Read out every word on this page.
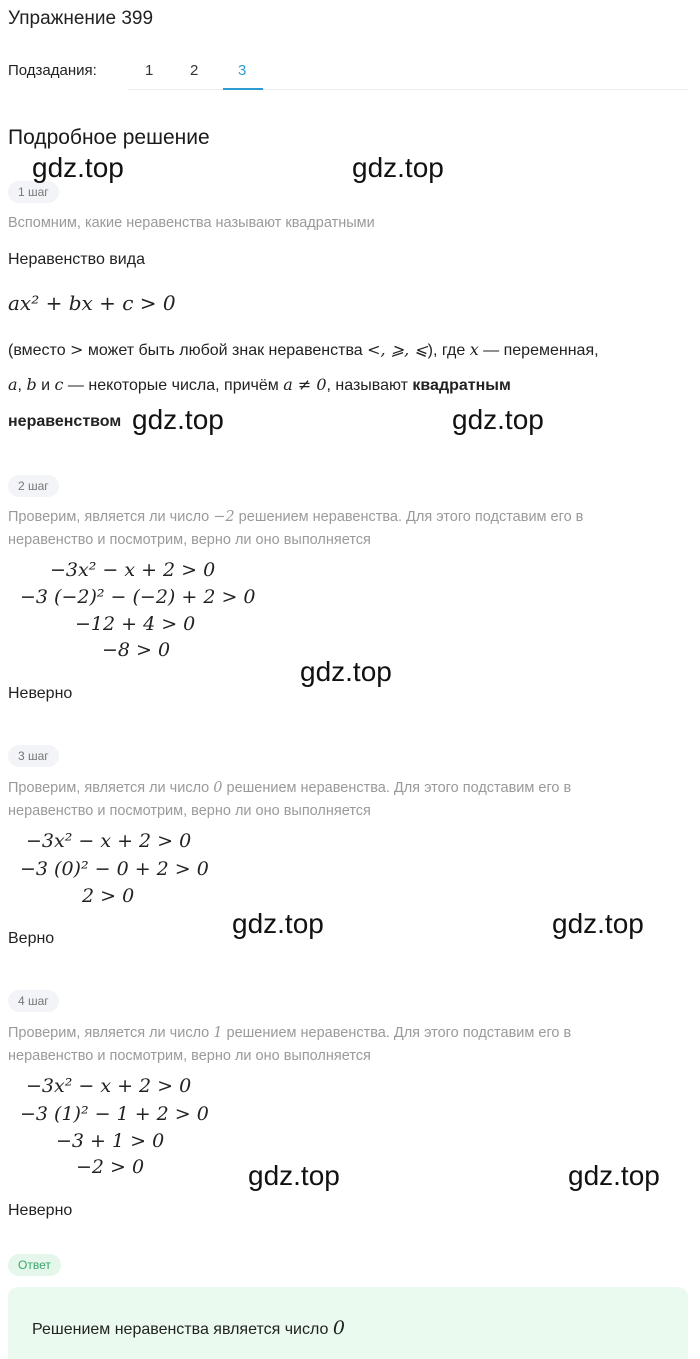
Упражнение 399
Подзадания:	1 2	3
Подробное решение
1 шаг
Вспомним, какие неравенства называют квадратными
Неравенство вида
ax² + bx + c > 0
(вместо > может быть любой знак неравенства <, ⩾, ⩽), где x — переменная,
a, b и c — некоторые числа, причём a ≠ 0, называют квадратным
неравенством
2 шаг
Проверим, является ли число −2 решением неравенства. Для этого подставим его в
неравенство и посмотрим, верно ли оно выполняется
−3x² − x + 2 > 0
−3 (−2)² − (−2) + 2 > 0
−12 + 4 > 0
−8 > 0
Неверно
3 шаг
Проверим, является ли число 0 решением неравенства. Для этого подставим его в
неравенство и посмотрим, верно ли оно выполняется
−3x² − x + 2 > 0
−3 (0)² − 0 + 2 > 0
2 > 0
Верно
4 шаг
Проверим, является ли число 1 решением неравенства. Для этого подставим его в
неравенство и посмотрим, верно ли оно выполняется
−3x² − x + 2 > 0
−3 (1)² − 1 + 2 > 0
−3 + 1 > 0
−2 > 0
Неверно
Ответ
Решением неравенства является число 0
gdz.top	gdz.top
gdz.top	gdz.top
gdz.top
gdz.top	gdz.top
gdz.top	gdz.top
